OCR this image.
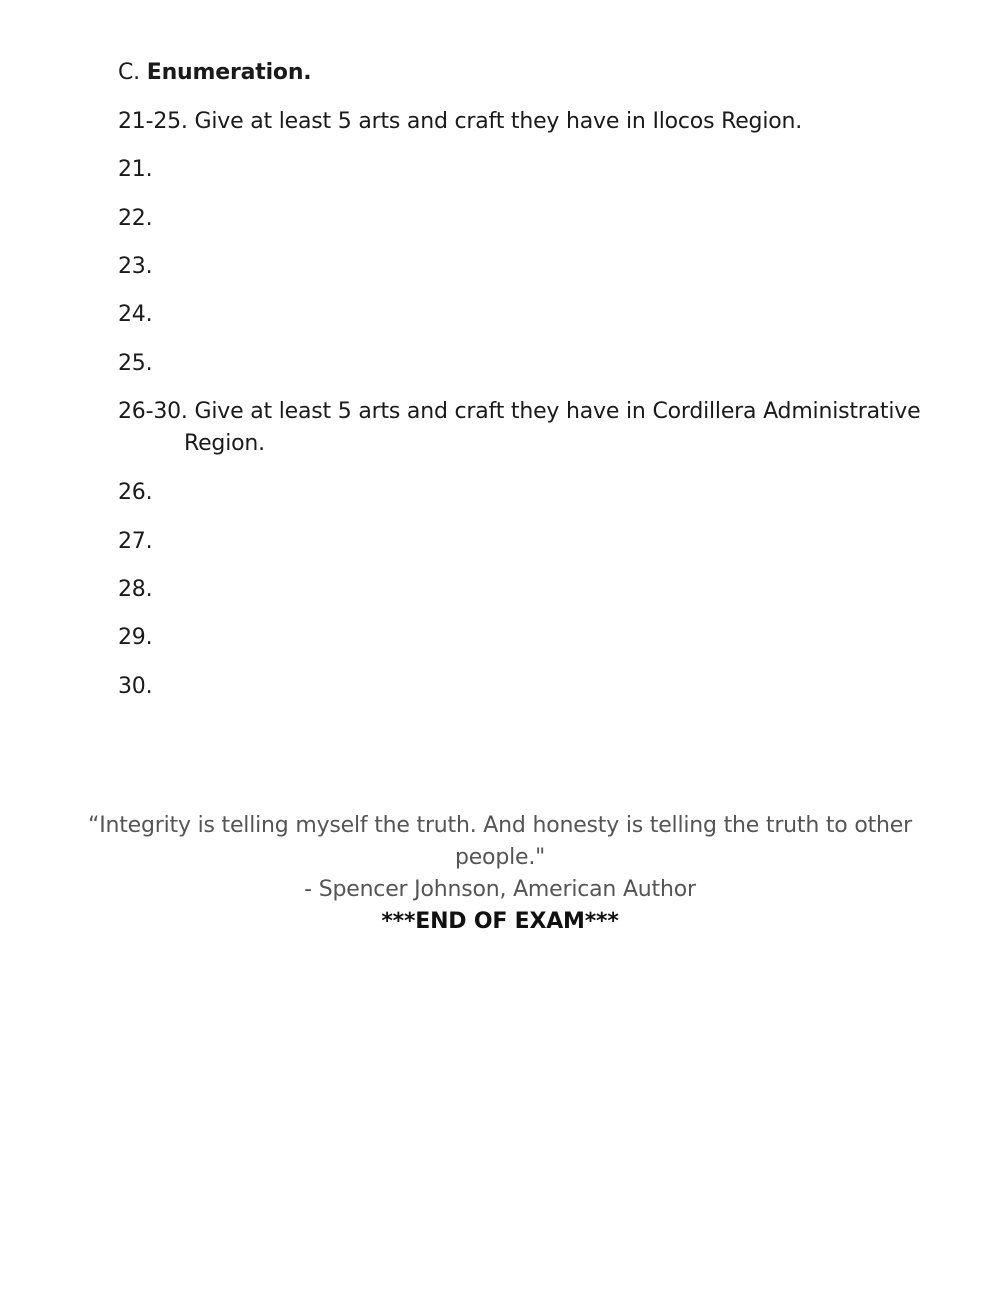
C. Enumeration.
21-25. Give at least 5 arts and craft they have in Ilocos Region.
21.
22.
23.
24.
25.
26-30. Give at least 5 arts and craft they have in Cordillera Administrative Region.
26.
27.
28.
29.
30.
“Integrity is telling myself the truth. And honesty is telling the truth to other people."
- Spencer Johnson, American Author
***END OF EXAM***
